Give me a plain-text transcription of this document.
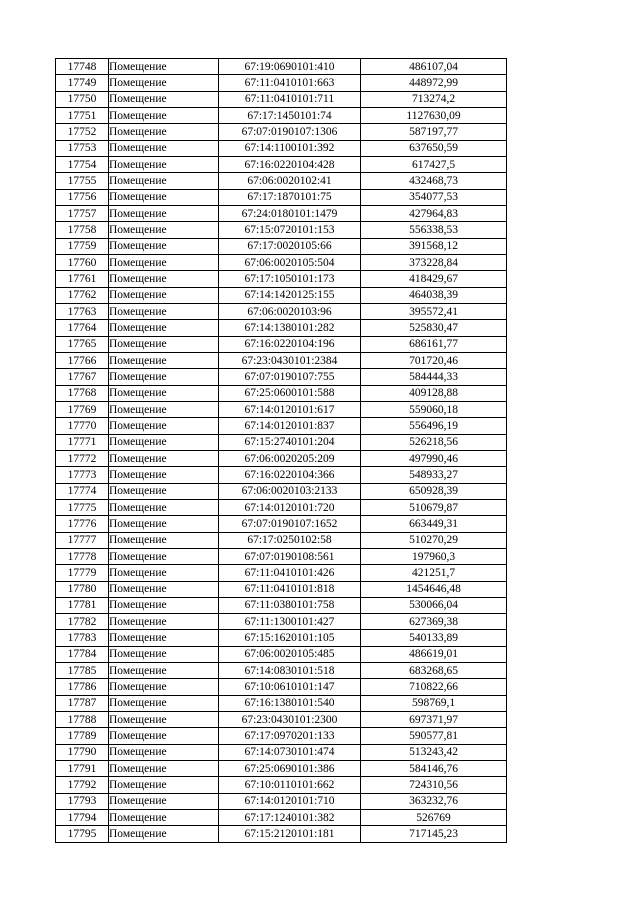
17748	Помещение	67:19:0690101:410	486107,04
17749	Помещение	67:11:0410101:663	448972,99
17750	Помещение	67:11:0410101:711	713274,2
17751	Помещение	67:17:1450101:74	1127630,09
17752	Помещение	67:07:0190107:1306	587197,77
17753	Помещение	67:14:1100101:392	637650,59
17754	Помещение	67:16:0220104:428	617427,5
17755	Помещение	67:06:0020102:41	432468,73
17756	Помещение	67:17:1870101:75	354077,53
17757	Помещение	67:24:0180101:1479	427964,83
17758	Помещение	67:15:0720101:153	556338,53
17759	Помещение	67:17:0020105:66	391568,12
17760	Помещение	67:06:0020105:504	373228,84
17761	Помещение	67:17:1050101:173	418429,67
17762	Помещение	67:14:1420125:155	464038,39
17763	Помещение	67:06:0020103:96	395572,41
17764	Помещение	67:14:1380101:282	525830,47
17765	Помещение	67:16:0220104:196	686161,77
17766	Помещение	67:23:0430101:2384	701720,46
17767	Помещение	67:07:0190107:755	584444,33
17768	Помещение	67:25:0600101:588	409128,88
17769	Помещение	67:14:0120101:617	559060,18
17770	Помещение	67:14:0120101:837	556496,19
17771	Помещение	67:15:2740101:204	526218,56
17772	Помещение	67:06:0020205:209	497990,46
17773	Помещение	67:16:0220104:366	548933,27
17774	Помещение	67:06:0020103:2133	650928,39
17775	Помещение	67:14:0120101:720	510679,87
17776	Помещение	67:07:0190107:1652	663449,31
17777	Помещение	67:17:0250102:58	510270,29
17778	Помещение	67:07:0190108:561	197960,3
17779	Помещение	67:11:0410101:426	421251,7
17780	Помещение	67:11:0410101:818	1454646,48
17781	Помещение	67:11:0380101:758	530066,04
17782	Помещение	67:11:1300101:427	627369,38
17783	Помещение	67:15:1620101:105	540133,89
17784	Помещение	67:06:0020105:485	486619,01
17785	Помещение	67:14:0830101:518	683268,65
17786	Помещение	67:10:0610101:147	710822,66
17787	Помещение	67:16:1380101:540	598769,1
17788	Помещение	67:23:0430101:2300	697371,97
17789	Помещение	67:17:0970201:133	590577,81
17790	Помещение	67:14:0730101:474	513243,42
17791	Помещение	67:25:0690101:386	584146,76
17792	Помещение	67:10:0110101:662	724310,56
17793	Помещение	67:14:0120101:710	363232,76
17794	Помещение	67:17:1240101:382	526769
17795	Помещение	67:15:2120101:181	717145,23
